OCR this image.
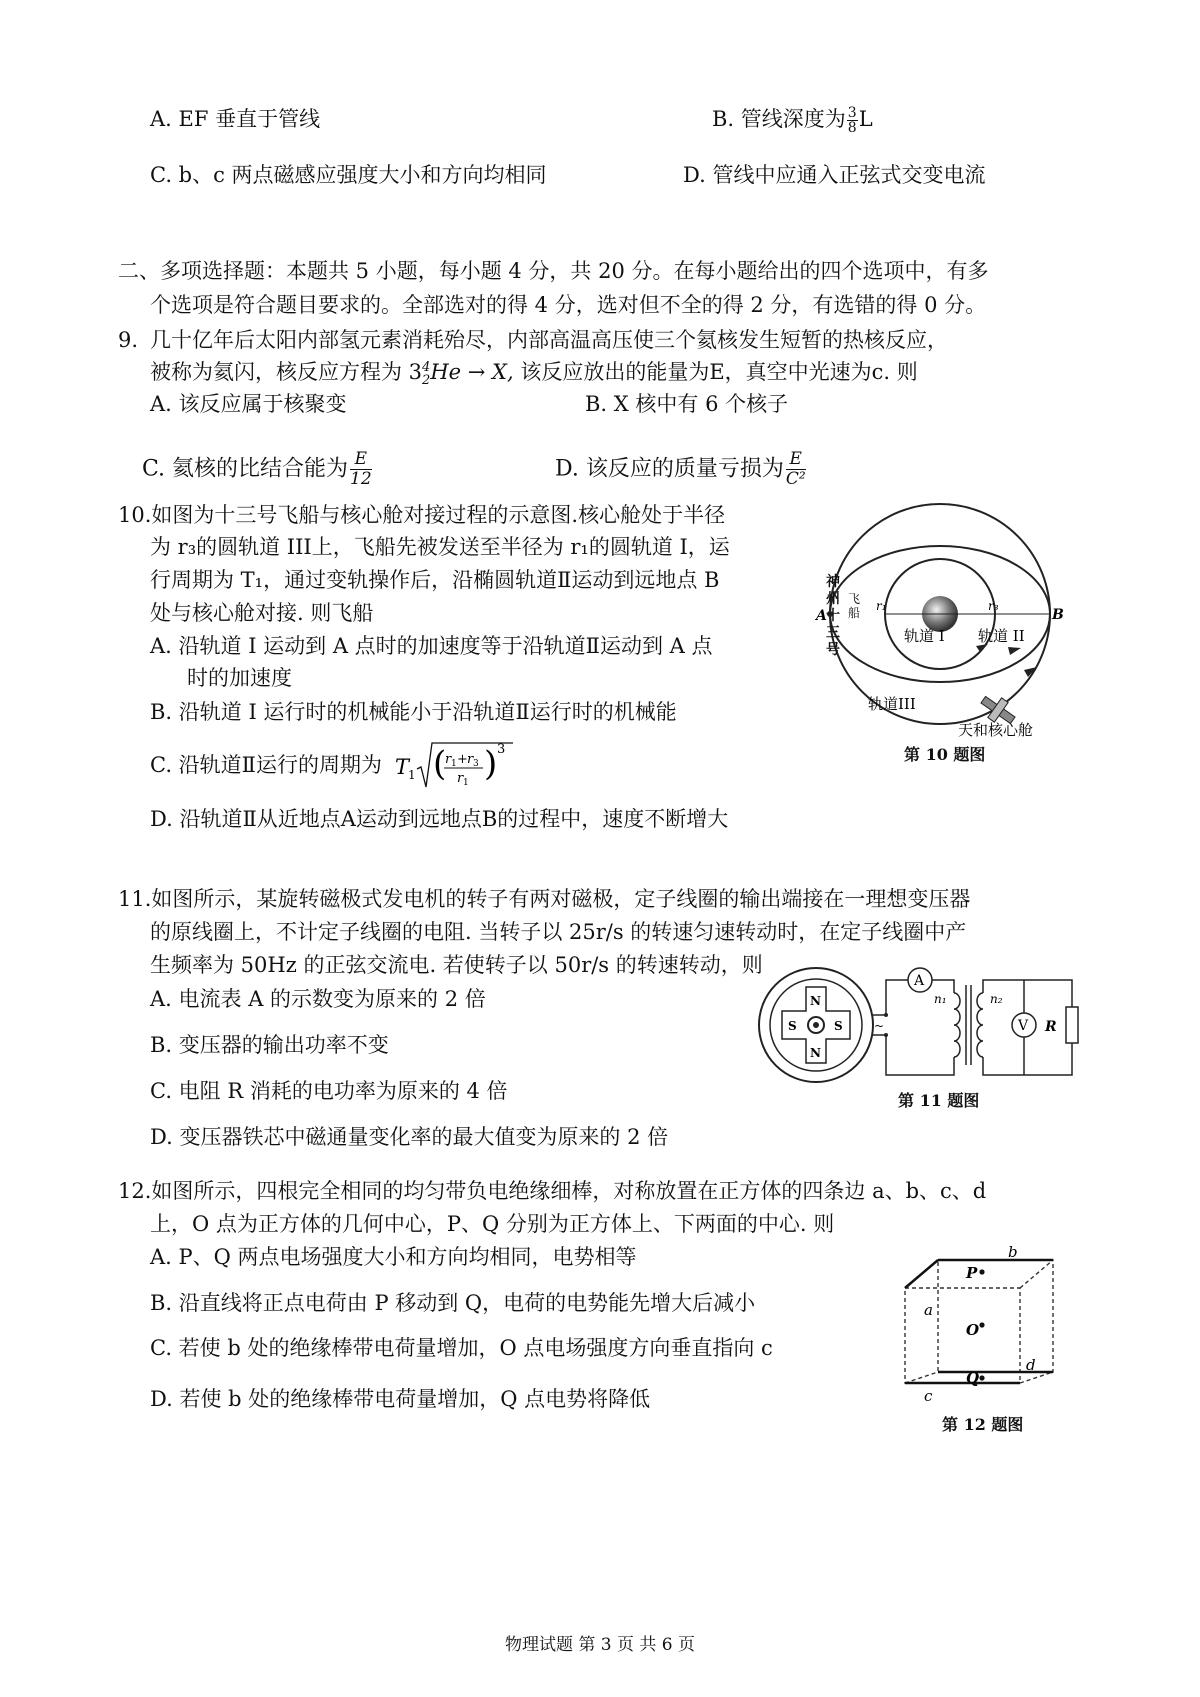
A. EF 垂直于管线	B. 管线深度为 $\frac{3}{8}$ L
C. b、c 两点磁感应强度大小和方向均相同	D. 管线中应通入正弦式交变电流
二、多项选择题：本题共 5 小题，每小题 4 分，共 20 分。在每小题给出的四个选项中，有多
个选项是符合题目要求的。全部选对的得 4 分，选对但不全的得 2 分，有选错的得 0 分。
9. 几十亿年后太阳内部氢元素消耗殆尽，内部高温高压使三个氦核发生短暂的热核反应，
被称为氦闪，核反应方程为 3 4
2 He → X, 该反应放出的能量为E，真空中光速为c. 则
A. 该反应属于核聚变	B. X 核中有 6 个核子
C. 氦核的比结合能为 $\frac{E}{12}$	D. 该反应的质量亏损为 $\frac{E}{\text{C²}}$
10.如图为十三号飞船与核心舱对接过程的示意图.核心舱处于半径
为 r₃的圆轨道 III上，飞船先被发送至半径为 r₁的圆轨道 I，运
行周期为 T₁，通过变轨操作后，沿椭圆轨道Ⅱ运动到远地点 B
处与核心舱对接. 则飞船
A. 沿轨道 I 运动到 A 点时的加速度等于沿轨道Ⅱ运动到 A 点
时的加速度
B. 沿轨道 I 运行时的机械能小于沿轨道Ⅱ运行时的机械能
C. 沿轨道Ⅱ运行的周期为 T
1 (
r 1 + r 3
r 1 ) 3
D. 沿轨道Ⅱ从近地点A运动到远地点B的过程中，速度不断增大
r₁	r₃
A	B
轨道 I 轨道 II
轨道III
天和核心舱
神
州
十
三
号
飞
船
第 10 题图
11.如图所示，某旋转磁极式发电机的转子有两对磁极，定子线圈的输出端接在一理想变压器
的原线圈上，不计定子线圈的电阻. 当转子以 25r/s 的转速匀速转动时，在定子线圈中产
生频率为 50Hz 的正弦交流电. 若使转子以 50r/s 的转速转动，则
A. 电流表 A 的示数变为原来的 2 倍
B. 变压器的输出功率不变
C. 电阻 R 消耗的电功率为原来的 4 倍
D. 变压器铁芯中磁通量变化率的最大值变为原来的 2 倍
N
N
S	S	~
A
n₁	n₂
V R
第 11 题图
12.如图所示，四根完全相同的均匀带负电绝缘细棒，对称放置在正方体的四条边 a、b、c、d
上，O 点为正方体的几何中心，P、Q 分别为正方体上、下两面的中心. 则
A. P、Q 两点电场强度大小和方向均相同，电势相等
B. 沿直线将正点电荷由 P 移动到 Q，电荷的电势能先增大后减小
C. 若使 b 处的绝缘棒带电荷量增加，O 点电场强度方向垂直指向 c
D. 若使 b 处的绝缘棒带电荷量增加，Q 点电势将降低
b
a
c
d
P
O
Q
第 12 题图
物理试题 第 3 页 共 6 页
